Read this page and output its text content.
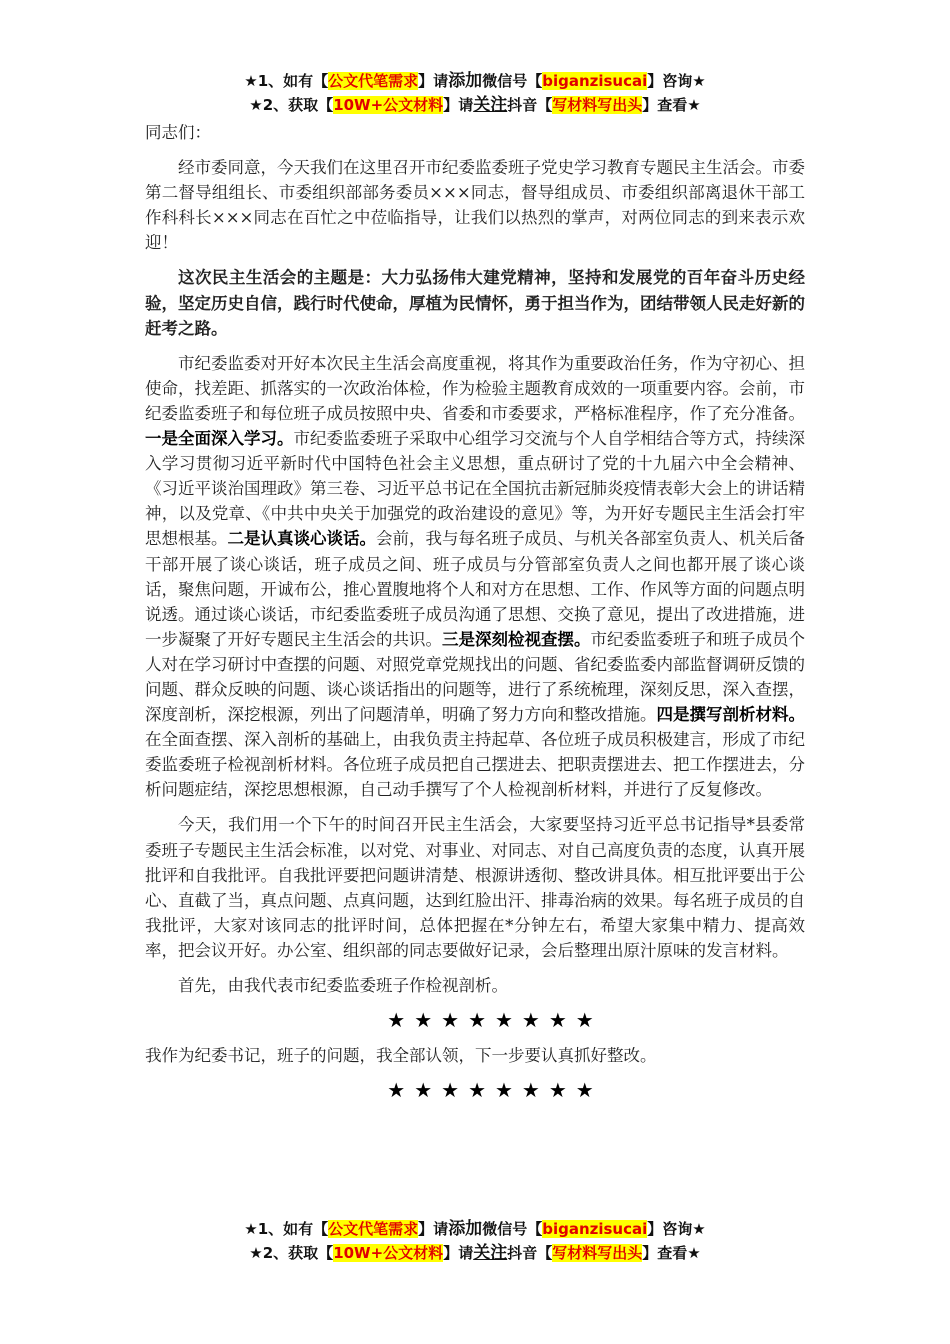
★1、如有【公文代笔需求】请添加微信号【biganzisucai】咨询★
★2、获取【10W+公文材料】请关注抖音【写材料写出头】查看★

同志们：

经市委同意，今天我们在这里召开市纪委监委班子党史学习教育专题民主生活会。市委第二督导组组长、市委组织部部务委员×××同志，督导组成员、市委组织部离退休干部工作科科长×××同志在百忙之中莅临指导，让我们以热烈的掌声，对两位同志的到来表示欢迎！

这次民主生活会的主题是：大力弘扬伟大建党精神，坚持和发展党的百年奋斗历史经验，坚定历史自信，践行时代使命，厚植为民情怀，勇于担当作为，团结带领人民走好新的赶考之路。

市纪委监委对开好本次民主生活会高度重视，将其作为重要政治任务，作为守初心、担使命，找差距、抓落实的一次政治体检，作为检验主题教育成效的一项重要内容。会前，市纪委监委班子和每位班子成员按照中央、省委和市委要求，严格标准程序，作了充分准备。一是全面深入学习。市纪委监委班子采取中心组学习交流与个人自学相结合等方式，持续深入学习贯彻习近平新时代中国特色社会主义思想，重点研讨了党的十九届六中全会精神、《习近平谈治国理政》第三卷、习近平总书记在全国抗击新冠肺炎疫情表彰大会上的讲话精神，以及党章、《中共中央关于加强党的政治建设的意见》等，为开好专题民主生活会打牢思想根基。二是认真谈心谈话。会前，我与每名班子成员、与机关各部室负责人、机关后备干部开展了谈心谈话，班子成员之间、班子成员与分管部室负责人之间也都开展了谈心谈话，聚焦问题，开诚布公，推心置腹地将个人和对方在思想、工作、作风等方面的问题点明说透。通过谈心谈话，市纪委监委班子成员沟通了思想、交换了意见，提出了改进措施，进一步凝聚了开好专题民主生活会的共识。三是深刻检视查摆。市纪委监委班子和班子成员个人对在学习研讨中查摆的问题、对照党章党规找出的问题、省纪委监委内部监督调研反馈的问题、群众反映的问题、谈心谈话指出的问题等，进行了系统梳理，深刻反思，深入查摆，深度剖析，深挖根源，列出了问题清单，明确了努力方向和整改措施。四是撰写剖析材料。在全面查摆、深入剖析的基础上，由我负责主持起草、各位班子成员积极建言，形成了市纪委监委班子检视剖析材料。各位班子成员把自己摆进去、把职责摆进去、把工作摆进去，分析问题症结，深挖思想根源，自己动手撰写了个人检视剖析材料，并进行了反复修改。

今天，我们用一个下午的时间召开民主生活会，大家要坚持习近平总书记指导*县委常委班子专题民主生活会标准，以对党、对事业、对同志、对自己高度负责的态度，认真开展批评和自我批评。自我批评要把问题讲清楚、根源讲透彻、整改讲具体。相互批评要出于公心、直截了当，真点问题、点真问题，达到红脸出汗、排毒治病的效果。每名班子成员的自我批评，大家对该同志的批评时间，总体把握在*分钟左右，希望大家集中精力、提高效率，把会议开好。办公室、组织部的同志要做好记录，会后整理出原汁原味的发言材料。

首先，由我代表市纪委监委班子作检视剖析。

★★★★★★★★

我作为纪委书记，班子的问题，我全部认领，下一步要认真抓好整改。

★★★★★★★★

★1、如有【公文代笔需求】请添加微信号【biganzisucai】咨询★
★2、获取【10W+公文材料】请关注抖音【写材料写出头】查看★
